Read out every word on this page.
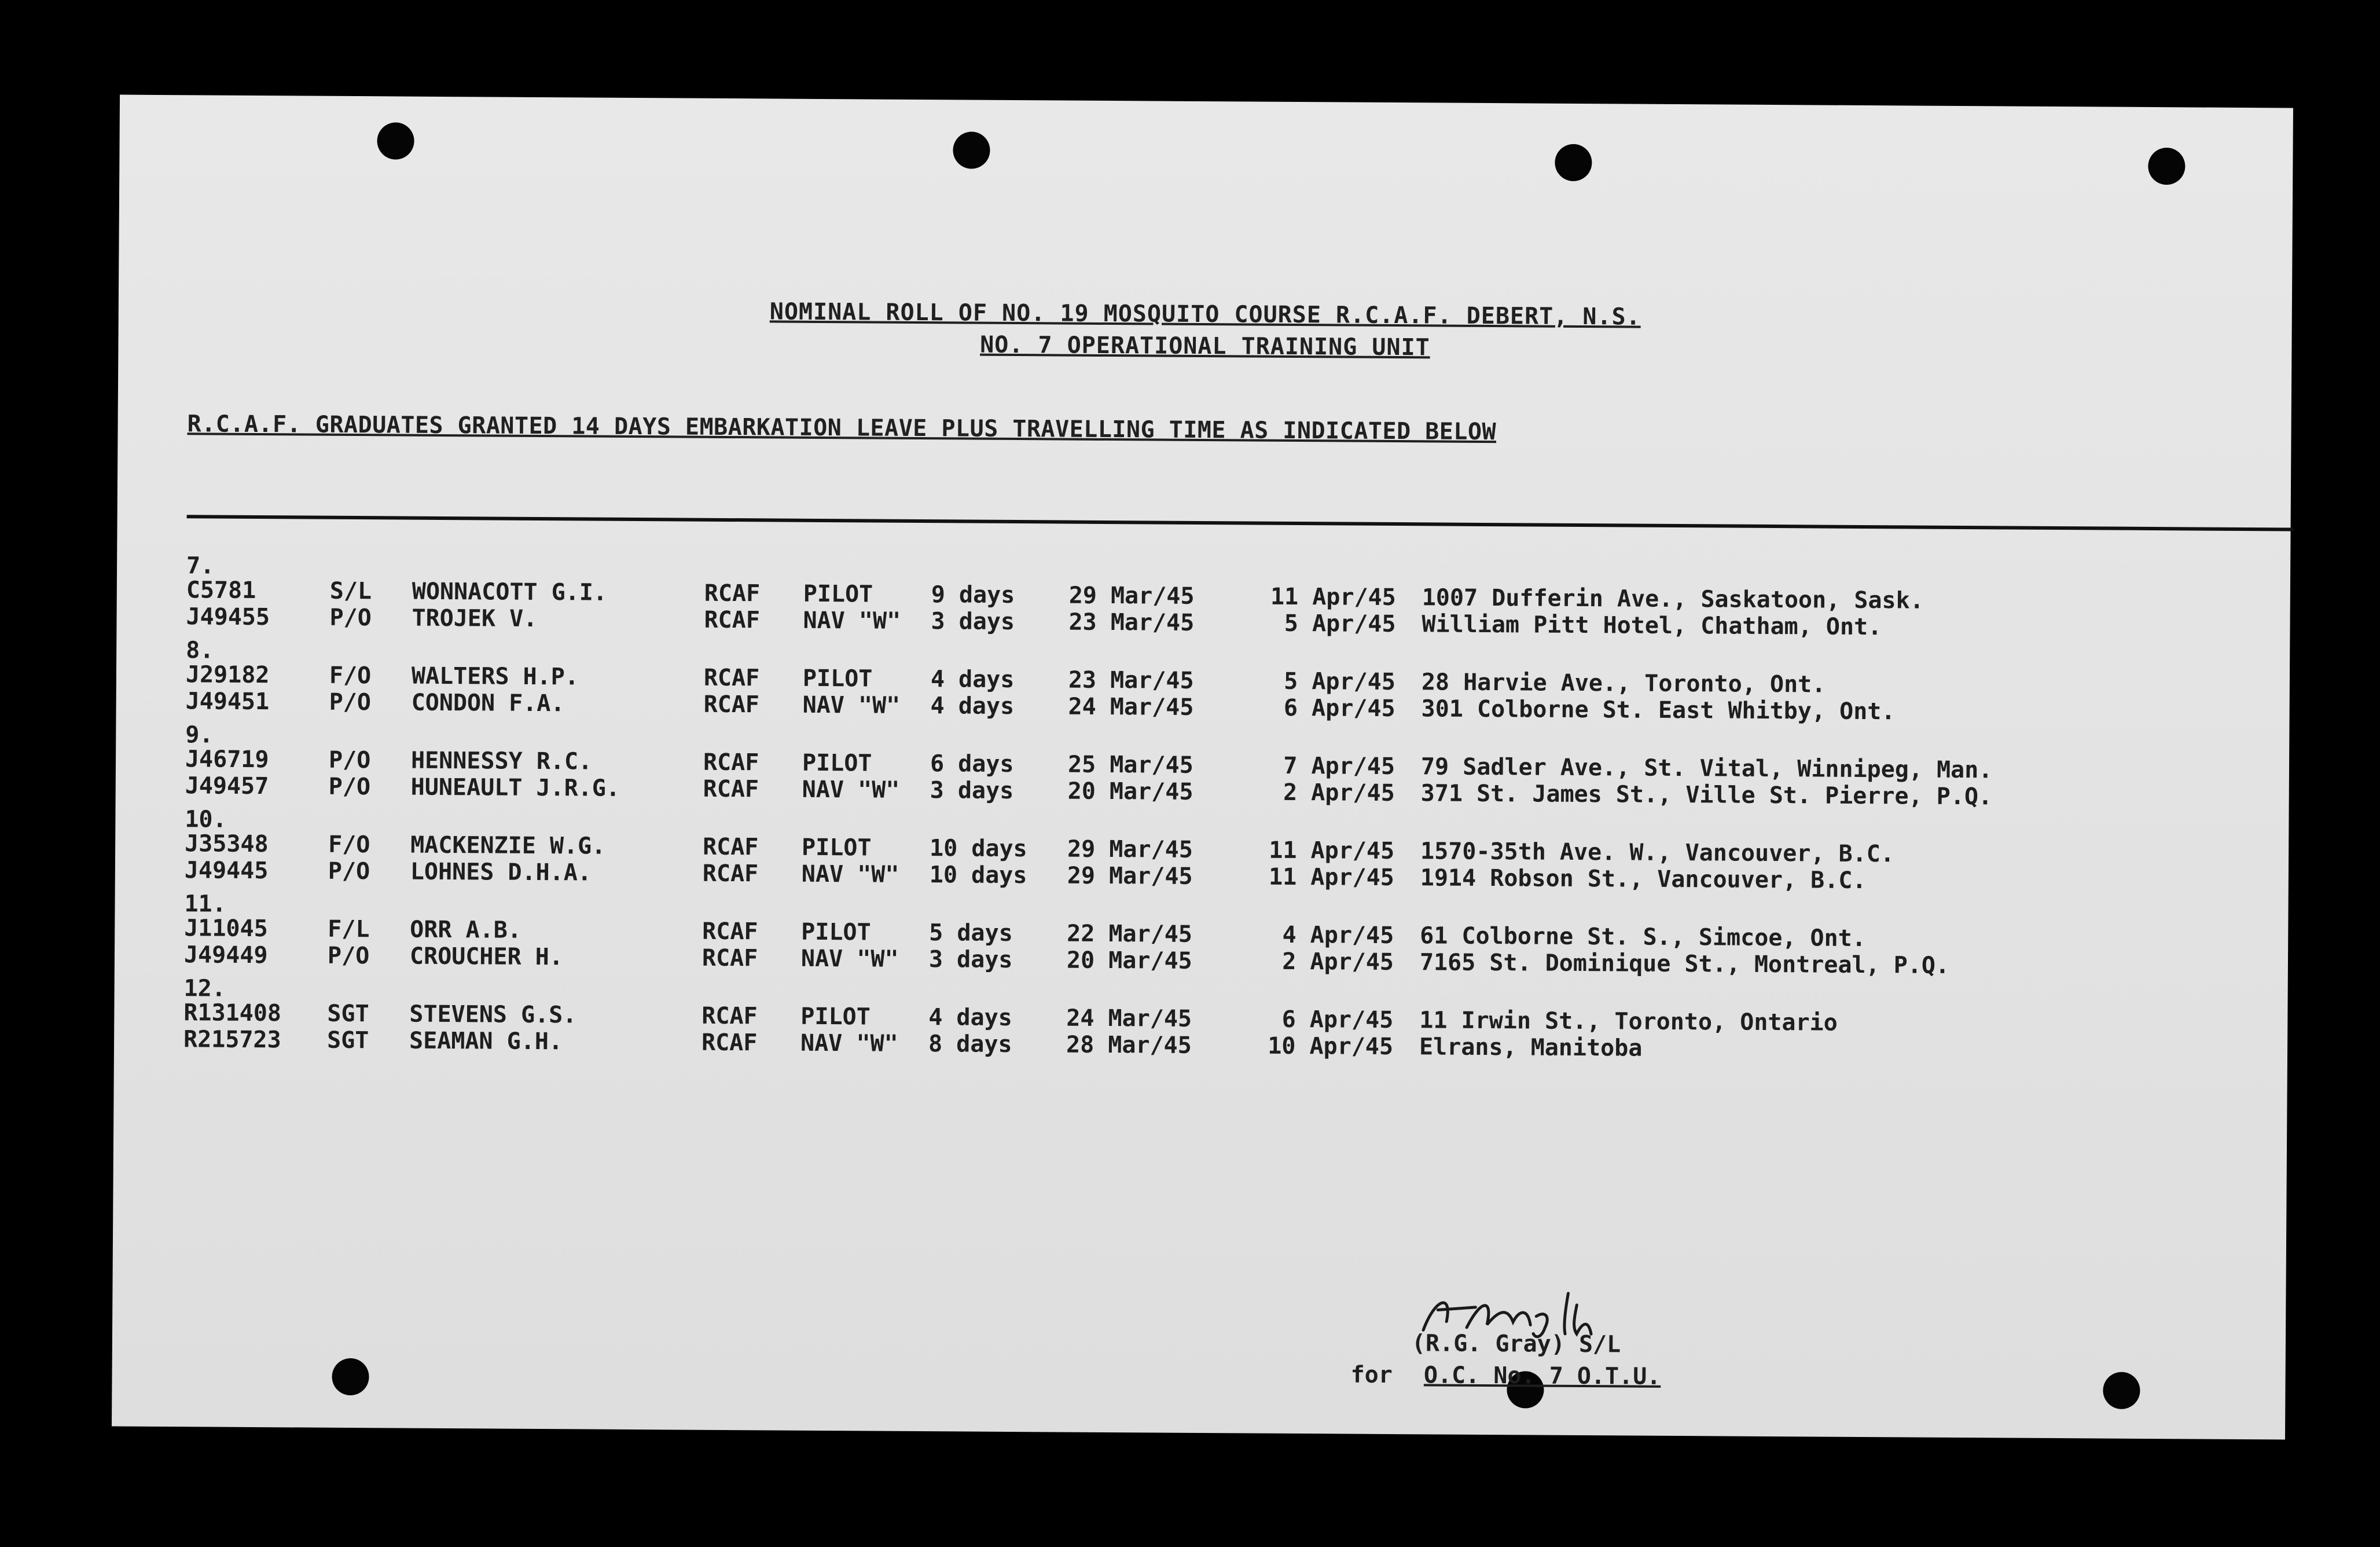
NOMINAL ROLL OF NO. 19 MOSQUITO COURSE R.C.A.F. DEBERT, N.S.
NO. 7 OPERATIONAL TRAINING UNIT
R.C.A.F. GRADUATES GRANTED 14 DAYS EMBARKATION LEAVE PLUS TRAVELLING TIME AS INDICATED BELOW
7.
C5781	S/L WONNACOTT G.I.	RCAF PILOT	9 days 29 Mar/45	11 Apr/45 1007 Dufferin Ave., Saskatoon, Sask.
J49455	P/O TROJEK V.	RCAF NAV "W" 3 days 23 Mar/45	5 Apr/45 William Pitt Hotel, Chatham, Ont.
8.
J29182	F/O WALTERS H.P.	RCAF PILOT	4 days 23 Mar/45	5 Apr/45 28 Harvie Ave., Toronto, Ont.
J49451	P/O CONDON F.A.	RCAF NAV "W" 4 days 24 Mar/45	6 Apr/45 301 Colborne St. East Whitby, Ont.
9.
J46719	P/O HENNESSY R.C.	RCAF PILOT	6 days 25 Mar/45	7 Apr/45 79 Sadler Ave., St. Vital, Winnipeg, Man.
J49457	P/O HUNEAULT J.R.G.	RCAF NAV "W" 3 days 20 Mar/45	2 Apr/45 371 St. James St., Ville St. Pierre, P.Q.
10.
J35348	F/O MACKENZIE W.G.	RCAF PILOT	10 days 29 Mar/45	11 Apr/45 1570-35th Ave. W., Vancouver, B.C.
J49445	P/O LOHNES D.H.A.	RCAF NAV "W" 10 days 29 Mar/45	11 Apr/45 1914 Robson St., Vancouver, B.C.
11.
J11045	F/L ORR A.B.	RCAF PILOT	5 days 22 Mar/45	4 Apr/45 61 Colborne St. S., Simcoe, Ont.
J49449	P/O CROUCHER H.	RCAF NAV "W" 3 days 20 Mar/45	2 Apr/45 7165 St. Dominique St., Montreal, P.Q.
12.
R131408 SGT STEVENS G.S.	RCAF PILOT	4 days 24 Mar/45	6 Apr/45 11 Irwin St., Toronto, Ontario
R215723 SGT SEAMAN G.H.	RCAF NAV "W" 8 days 28 Mar/45	10 Apr/45 Elrans, Manitoba
(R.G. Gray) S/L
for O.C. No. 7 O.T.U.
